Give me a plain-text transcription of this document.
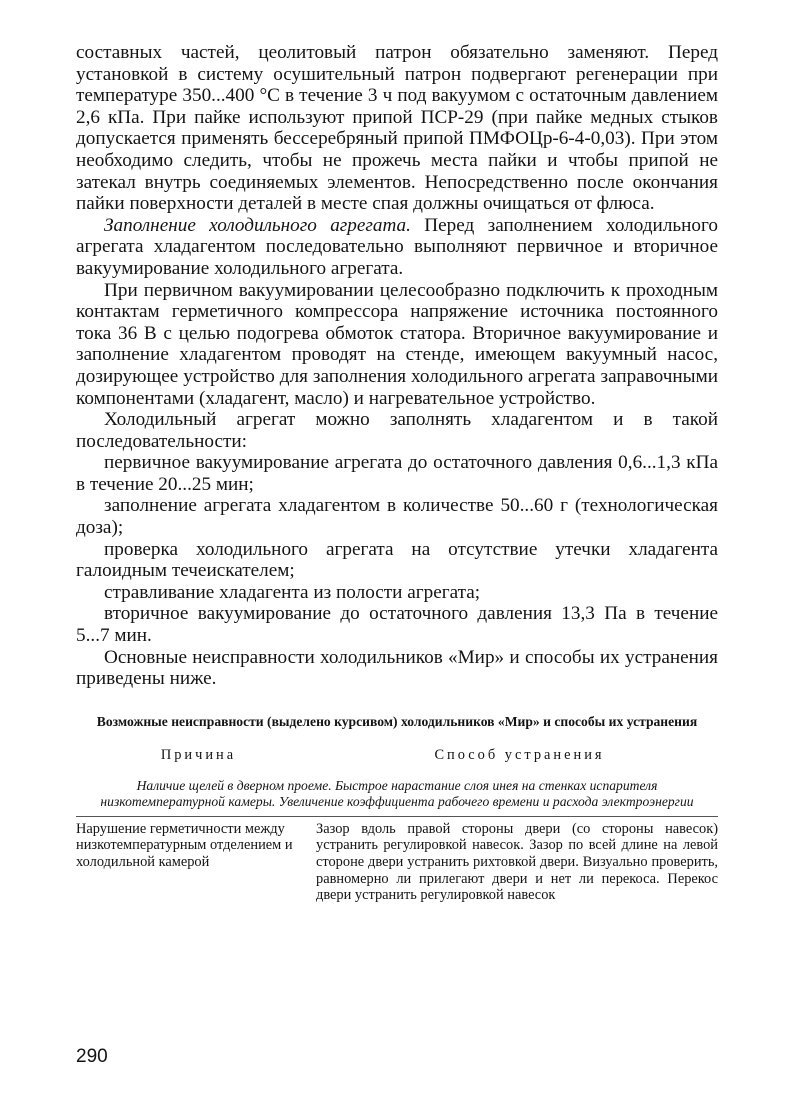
составных частей, цеолитовый патрон обязательно заменяют. Перед установкой в систему осушительный патрон подвергают регенерации при температуре 350...400 °С в течение 3 ч под вакуумом с остаточным давлением 2,6 кПа. При пайке используют припой ПСР-29 (при пайке медных стыков допускается применять бессеребряный припой ПМФОЦр-6-4-0,03). При этом необходимо следить, чтобы не прожечь места пайки и чтобы припой не затекал внутрь соединяемых элементов. Непосредственно после окончания пайки поверхности деталей в месте спая должны очищаться от флюса.

Заполнение холодильного агрегата. Перед заполнением холодильного агрегата хладагентом последовательно выполняют первичное и вторичное вакуумирование холодильного агрегата.

При первичном вакуумировании целесообразно подключить к проходным контактам герметичного компрессора напряжение источника постоянного тока 36 В с целью подогрева обмоток статора. Вторичное вакуумирование и заполнение хладагентом проводят на стенде, имеющем вакуумный насос, дозирующее устройство для заполнения холодильного агрегата заправочными компонентами (хладагент, масло) и нагревательное устройство.

Холодильный агрегат можно заполнять хладагентом и в такой последовательности:

первичное вакуумирование агрегата до остаточного давления 0,6...1,3 кПа в течение 20...25 мин;

заполнение агрегата хладагентом в количестве 50...60 г (технологическая доза);

проверка холодильного агрегата на отсутствие утечки хладагента галоидным течеискателем;

стравливание хладагента из полости агрегата;

вторичное вакуумирование до остаточного давления 13,3 Па в течение 5...7 мин.

Основные неисправности холодильников «Мир» и способы их устранения приведены ниже.

Возможные неисправности (выделено курсивом) холодильников «Мир» и способы их устранения
Причина	Способ устранения
Наличие щелей в дверном проеме. Быстрое нарастание слоя инея на стенках испарителя низкотемпературной камеры. Увеличение коэффициента рабочего времени и расхода электроэнергии
Нарушение герметичности между низкотемпературным отделением и холодильной камерой
Зазор вдоль правой стороны двери (со стороны навесок) устранить регулировкой навесок. Зазор по всей длине на левой стороне двери устранить рихтовкой двери. Визуально проверить, равномерно ли прилегают двери и нет ли перекоса. Перекос двери устранить регулировкой навесок
290
